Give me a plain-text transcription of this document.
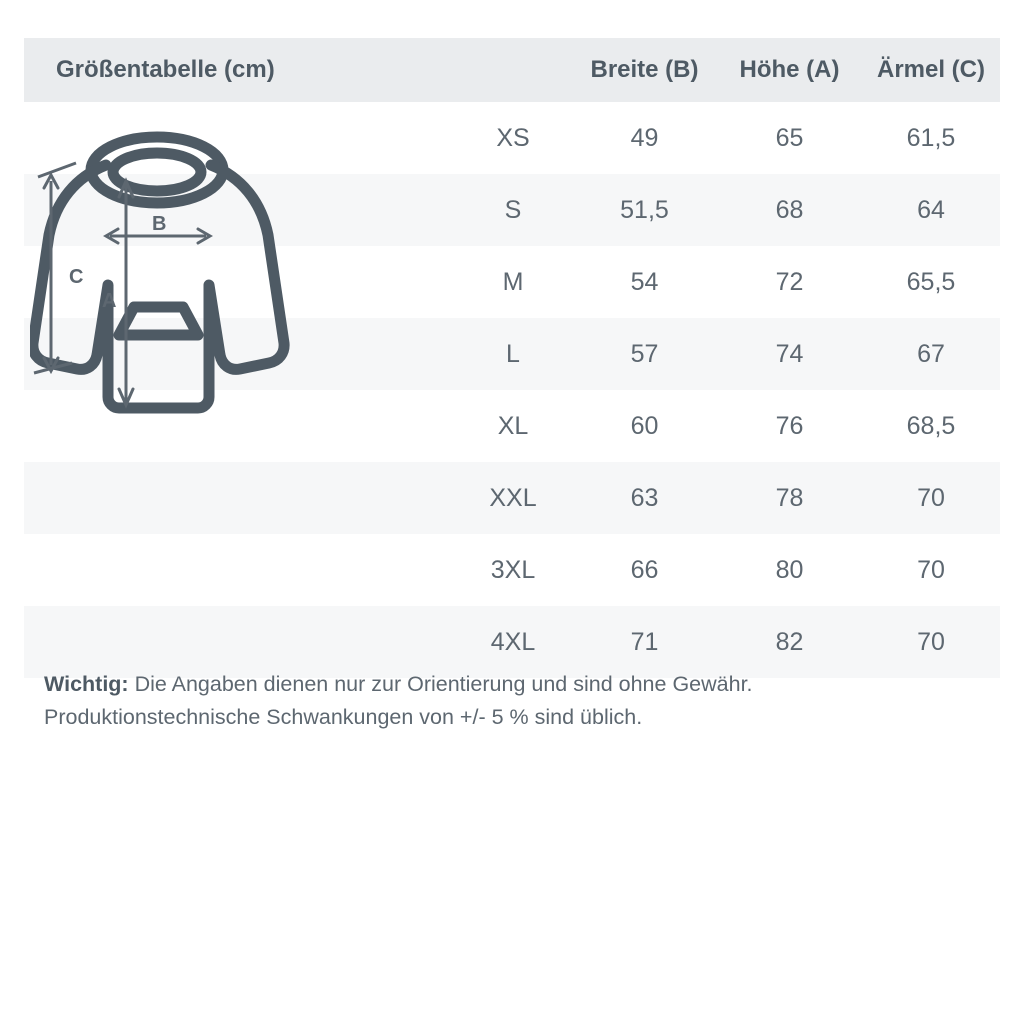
Größentabelle (cm)		Breite (B)	Höhe (A)	Ärmel (C)
	XS	49	65	61,5
	S	51,5	68	64
	M	54	72	65,5
	L	57	74	67
	XL	60	76	68,5
	XXL	63	78	70
	3XL	66	80	70
	4XL	71	82	70
C
B
A
Wichtig: Die Angaben dienen nur zur Orientierung und sind ohne Gewähr.
Produktionstechnische Schwankungen von +/- 5 % sind üblich.
